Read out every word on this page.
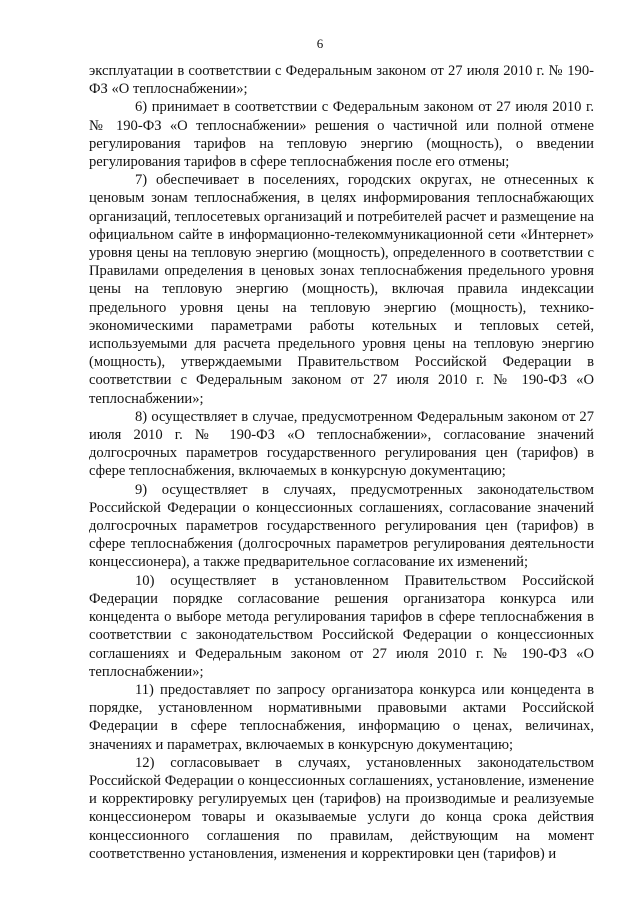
6

эксплуатации в соответствии с Федеральным законом от 27 июля 2010 г. № 190-ФЗ «О теплоснабжении»;

6) принимает в соответствии с Федеральным законом от 27 июля 2010 г. № 190-ФЗ «О теплоснабжении» решения о частичной или полной отмене регулирования тарифов на тепловую энергию (мощность), о введении регулирования тарифов в сфере теплоснабжения после его отмены;

7) обеспечивает в поселениях, городских округах, не отнесенных к ценовым зонам теплоснабжения, в целях информирования теплоснабжающих организаций, теплосетевых организаций и потребителей расчет и размещение на официальном сайте в информационно-телекоммуникационной сети «Интернет» уровня цены на тепловую энергию (мощность), определенного в соответствии с Правилами определения в ценовых зонах теплоснабжения предельного уровня цены на тепловую энергию (мощность), включая правила индексации предельного уровня цены на тепловую энергию (мощность), технико-экономическими параметрами работы котельных и тепловых сетей, используемыми для расчета предельного уровня цены на тепловую энергию (мощность), утверждаемыми Правительством Российской Федерации в соответствии с Федеральным законом от 27 июля 2010 г. № 190-ФЗ «О теплоснабжении»;

8) осуществляет в случае, предусмотренном Федеральным законом от 27 июля 2010 г. № 190-ФЗ «О теплоснабжении», согласование значений долгосрочных параметров государственного регулирования цен (тарифов) в сфере теплоснабжения, включаемых в конкурсную документацию;

9) осуществляет в случаях, предусмотренных законодательством Российской Федерации о концессионных соглашениях, согласование значений долгосрочных параметров государственного регулирования цен (тарифов) в сфере теплоснабжения (долгосрочных параметров регулирования деятельности концессионера), а также предварительное согласование их изменений;

10) осуществляет в установленном Правительством Российской Федерации порядке согласование решения организатора конкурса или концедента о выборе метода регулирования тарифов в сфере теплоснабжения в соответствии с законодательством Российской Федерации о концессионных соглашениях и Федеральным законом от 27 июля 2010 г. № 190-ФЗ «О теплоснабжении»;

11) предоставляет по запросу организатора конкурса или концедента в порядке, установленном нормативными правовыми актами Российской Федерации в сфере теплоснабжения, информацию о ценах, величинах, значениях и параметрах, включаемых в конкурсную документацию;

12) согласовывает в случаях, установленных законодательством Российской Федерации о концессионных соглашениях, установление, изменение и корректировку регулируемых цен (тарифов) на производимые и реализуемые концессионером товары и оказываемые услуги до конца срока действия концессионного соглашения по правилам, действующим на момент соответственно установления, изменения и корректировки цен (тарифов) и
